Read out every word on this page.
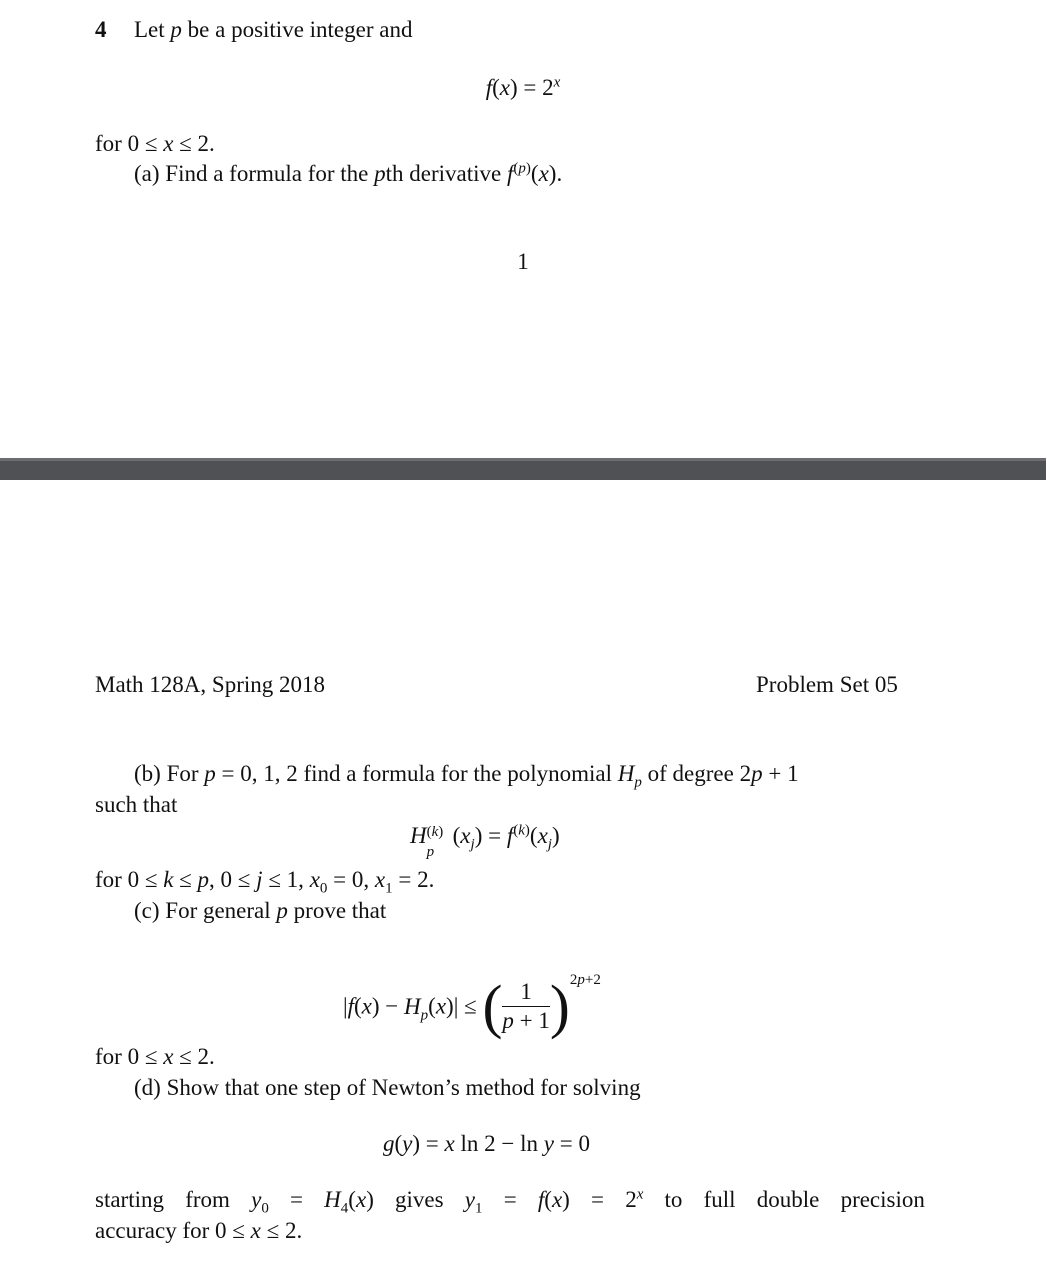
4 Let p be a positive integer and
$f(x) = 2^x$
for 0 ≤ x ≤ 2.
(a) Find a formula for the pth derivative $f^{(p)}(x)$.
1
Math 128A, Spring 2018	Problem Set 05
(b) For p = 0, 1, 2 find a formula for the polynomial $H_p$ of degree 2p + 1
such that
H (k)
p
$(x_j) = f^{(k)}(x_j)$
for 0 ≤ k ≤ p, 0 ≤ j ≤ 1, $x_0 = 0$, $x_1 = 2$.
(c) For general p prove that
$|f(x) - H_p(x)|$ ≤ ( $\frac{1}{p + 1} )^{2p+2}$
for 0 ≤ x ≤ 2.
(d) Show that one step of Newton’s method for solving
g(y) = x ln 2 − ln y = 0
starting from $y_0 = H_4(x)$ gives $y_1 = f(x) = 2^x$ to full double precision
accuracy for 0 ≤ x ≤ 2.
